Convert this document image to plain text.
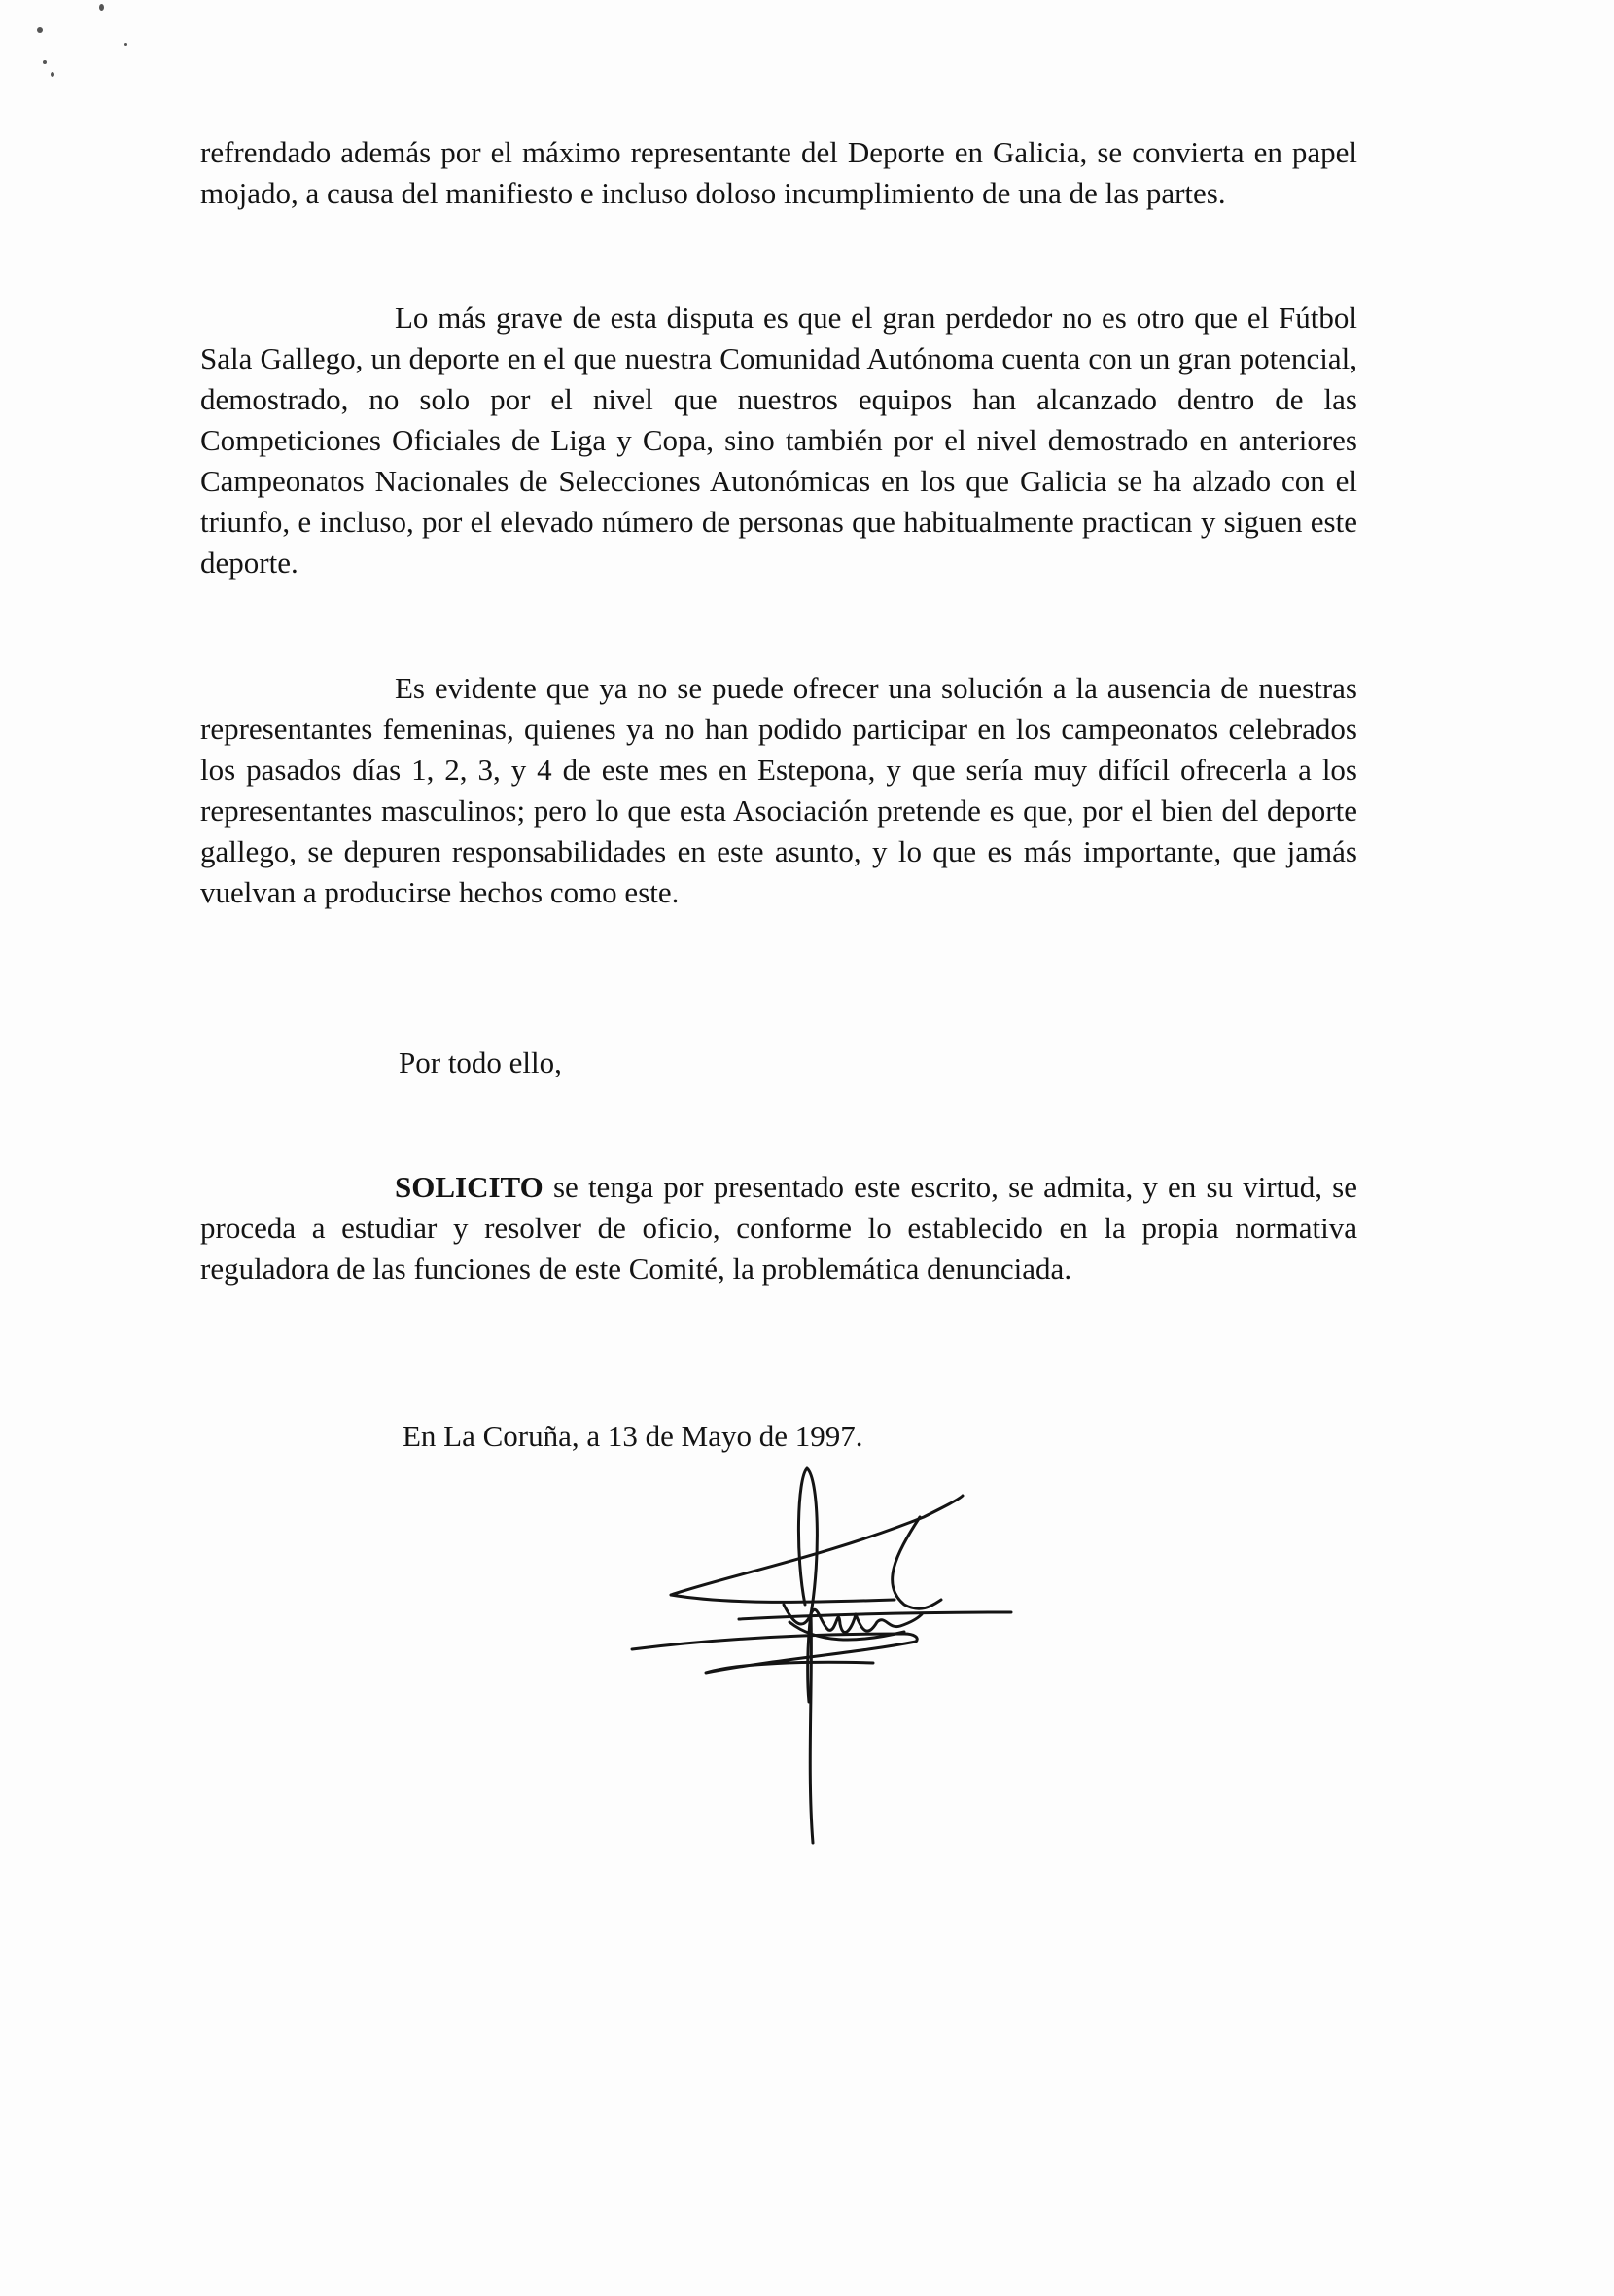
refrendado además por el máximo representante del Deporte en Galicia, se convierta en papel mojado, a causa del manifiesto e incluso doloso incumplimiento de una de las partes.

Lo más grave de esta disputa es que el gran perdedor no es otro que el Fútbol Sala Gallego, un deporte en el que nuestra Comunidad Autónoma cuenta con un gran potencial, demostrado, no solo por el nivel que nuestros equipos han alcanzado dentro de las Competiciones Oficiales de Liga y Copa, sino también por el nivel demostrado en anteriores Campeonatos Nacionales de Selecciones Autonómicas en los que Galicia se ha alzado con el triunfo, e incluso, por el elevado número de personas que habitualmente practican y siguen este deporte.

Es evidente que ya no se puede ofrecer una solución a la ausencia de nuestras representantes femeninas, quienes ya no han podido participar en los campeonatos celebrados los pasados días 1, 2, 3, y 4 de este mes en Estepona, y que sería muy difícil ofrecerla a los representantes masculinos; pero lo que esta Asociación pretende es que, por el bien del deporte gallego, se depuren responsabilidades en este asunto, y lo que es más importante, que jamás vuelvan a producirse hechos como este.

Por todo ello,

SOLICITO se tenga por presentado este escrito, se admita, y en su virtud, se proceda a estudiar y resolver de oficio, conforme lo establecido en la propia normativa reguladora de las funciones de este Comité, la problemática denunciada.

En La Coruña, a 13 de Mayo de 1997.
